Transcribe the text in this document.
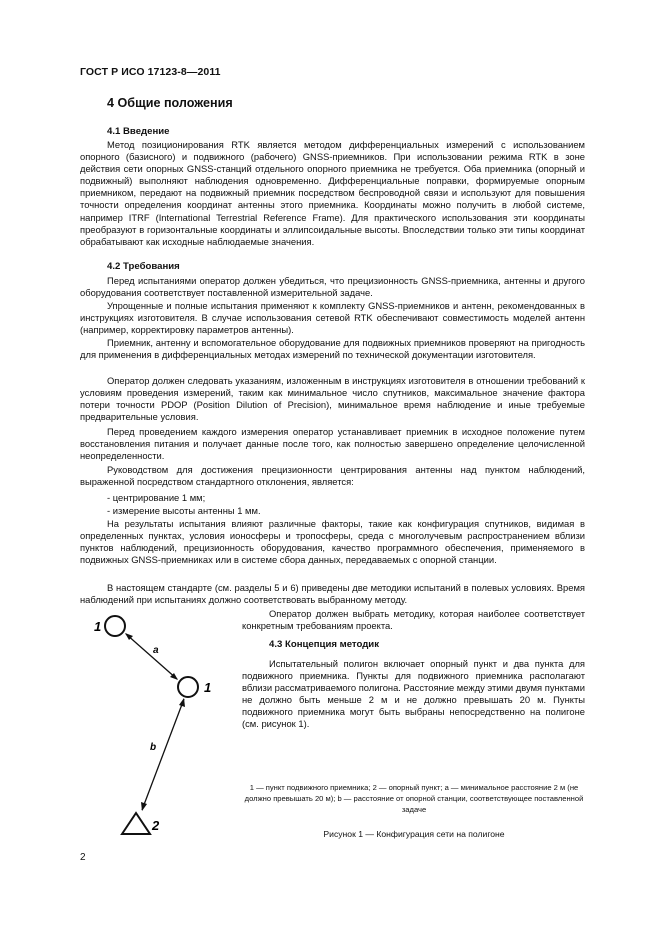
ГОСТ Р ИСО 17123-8—2011
4 Общие положения
4.1 Введение
Метод позиционирования RTK является методом дифференциальных измерений с использованием опорного (базисного) и подвижного (рабочего) GNSS-приемников. При использовании режима RTK в зоне действия сети опорных GNSS-станций отдельного опорного приемника не требуется. Оба приемника (опорный и подвижный) выполняют наблюдения одновременно. Дифференциальные поправки, формируемые опорным приемником, передают на подвижный приемник посредством беспроводной связи и используют для повышения точности определения координат антенны этого приемника. Координаты можно получить в любой системе, например ITRF (International Terrestrial Reference Frame). Для практического использования эти координаты преобразуют в горизонтальные координаты и эллипсоидальные высоты. Впоследствии только эти типы координат обрабатывают как исходные наблюдаемые значения.
4.2 Требования
Перед испытаниями оператор должен убедиться, что прецизионность GNSS-приемника, антенны и другого оборудования соответствует поставленной измерительной задаче.
Упрощенные и полные испытания применяют к комплекту GNSS-приемников и антенн, рекомендованных в инструкциях изготовителя. В случае использования сетевой RTK обеспечивают совместимость моделей антенн (например, корректировку параметров антенны).
Приемник, антенну и вспомогательное оборудование для подвижных приемников проверяют на пригодность для применения в дифференциальных методах измерений по технической документации изготовителя.
Оператор должен следовать указаниям, изложенным в инструкциях изготовителя в отношении требований к условиям проведения измерений, таким как минимальное число спутников, максимальное значение фактора потери точности PDOP (Position Dilution of Precision), минимальное время наблюдение и иные требуемые предварительные условия.
Перед проведением каждого измерения оператор устанавливает приемник в исходное положение путем восстановления питания и получает данные после того, как полностью завершено определение целочисленной неопределенности.
Руководством для достижения прецизионности центрирования антенны над пунктом наблюдений, выраженной посредством стандартного отклонения, является:
- центрирование 1 мм;
- измерение высоты антенны 1 мм.
На результаты испытания влияют различные факторы, такие как конфигурация спутников, видимая в определенных пунктах, условия ионосферы и тропосферы, среда с многолучевым распространением вблизи пунктов наблюдений, прецизионность оборудования, качество программного обеспечения, применяемого в подвижных GNSS-приемниках или в системе сбора данных, передаваемых с опорной станции.
В настоящем стандарте (см. разделы 5 и 6) приведены две методики испытаний в полевых условиях. Время наблюдений при испытаниях должно соответствовать выбранному методу.
Оператор должен выбрать методику, которая наиболее соответствует конкретным требованиям проекта.
4.3 Концепция методик
Испытательный полигон включает опорный пункт и два пункта для подвижного приемника. Пункты для подвижного приемника располагают вблизи рассматриваемого полигона. Расстояние между этими двумя пунктами не должно быть меньше 2 м и не должно превышать 20 м. Пункты подвижного приемника могут быть выбраны непосредственно на полигоне (см. рисунок 1).
1
1
2
a
b
1 — пункт подвижного приемника; 2 — опорный пункт; a — минимальное расстояние 2 м (не должно превышать 20 м); b — расстояние от опорной станции, соответствующее поставленной задаче
Рисунок 1 — Конфигурация сети на полигоне
2
